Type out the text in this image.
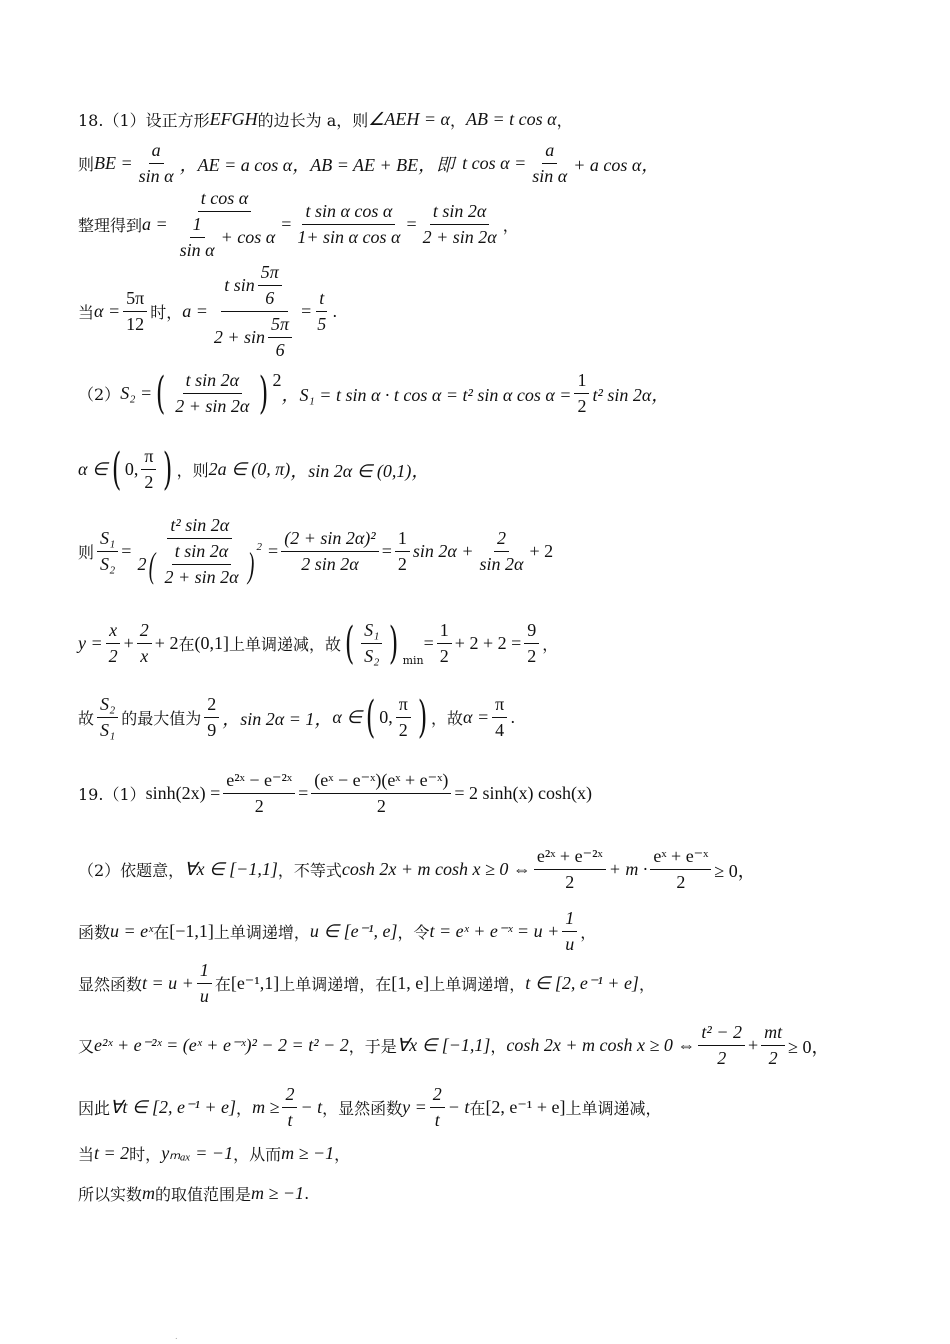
18.（1）设正方形 EFGH 的边长为 a，则 ∠AEH = α ， AB = t cos α ，
则 BE = $\frac{a}{\text{sin α}}$ ，AE = a cos α，AB = AE + BE，即 t $\cos \alpha = \frac{a}{\text{sin α}} + a$ cos α，
整理得到 $a = \frac{\text{t cos α}}{\frac{1}{\text{sin α}} + \cos \alpha} = \frac{\text{t sin α cos α}}{\text{1+ sin α cos α}} = \frac{\text{t sin 2α}}{2 + \sin 2\alpha}$ ，
当 $\alpha = \frac{5\pi}{12}$ 时， $a = \frac{t \sin \frac{5\pi}{6}}{2 + \sin \frac{5\pi}{6}} = \frac{t}{5}$ .
（2） S₂ = ( $\frac{\text{t sin 2α}}{2 + \sin 2\alpha}$ ) 2
，S₁ = t sin α · t cos α = t² sin α $\cos \alpha = \frac{1}{2} t^2$ sin 2α，
α ∈ ( 0, $\frac{\pi}{2}$ ) ，则 2a ∈ (0, π) ，sin 2α ∈ (0,1)，
则 $\frac{\text{S₁}}{\text{S₂}} = \frac{\text{t² sin 2α}}{2 ( \frac{\text{t sin 2α}}{2 + \sin 2\alpha} )^2} = \frac{\text{(2 + sin 2α)²}}{2 \sin 2\alpha} = \frac{1}{2}$ $\sin 2\alpha + \frac{2}{\sin 2\alpha} + 2$
$y = \frac{x}{2} + \frac{2}{x} + 2$ 在 (0,1] 上单调递减，故 ( $\frac{\text{S₁}}{\text{S₂}}$ ) $_{min}$
= $\frac{1}{2} + 2 + 2 = \frac{9}{2}$ ，
故 $\frac{\text{S₂}}{\text{S₁}}$ 的最大值为 $\frac{2}{9}$ ，sin 2α = 1， α ∈ ( 0, $\frac{\pi}{2}$ ) ，故 $\alpha = \frac{\pi}{4}$ .
19.（1） $\sinh(2x) = \frac{\text{e²ˣ − e⁻²ˣ}}{2} = \frac{\text{(eˣ − e⁻ˣ)(eˣ + e⁻ˣ)}}{2} = 2$ sinh(x) cosh(x)
（2）依题意， ∀x ∈ [−1,1] ，不等式 cosh 2x + m cosh x ≥ 0 ⇔ $\frac{\text{e²ˣ + e⁻²ˣ}}{2} + m \cdot \frac{\text{eˣ + e⁻ˣ}}{2} \ge 0$，
函数 u = eˣ 在 [−1,1] 上单调递增， u ∈ [e⁻¹, e] ，令 t = eˣ + e⁻ˣ = $u + \frac{1}{u}$ ，
显然函数 $t = u + \frac{1}{u}$ 在 [e⁻¹,1] 上单调递增，在 [1, e] 上单调递增， t ∈ [2, e⁻¹ + e] ，
又 e²ˣ + e⁻²ˣ = (eˣ + e⁻ˣ)² − 2 = t² − 2 ，于是 ∀x ∈ [−1,1] ， cosh 2x + m cosh x ≥ 0 ⇔ $\frac{\text{t² − 2}}{2} + \frac{mt}{2} \ge 0$，
因此 ∀t ∈ [2, e⁻¹ + e] ， $m \ge \frac{2}{t} - t$ ，显然函数 $y = \frac{2}{t} - t$ 在 [2, e⁻¹ + e] 上单调递减，
当 t = 2 时， yₘₐₓ = −1 ，从而 m ≥ −1 ，
所以实数 m 的取值范围是 m ≥ −1 .
.
